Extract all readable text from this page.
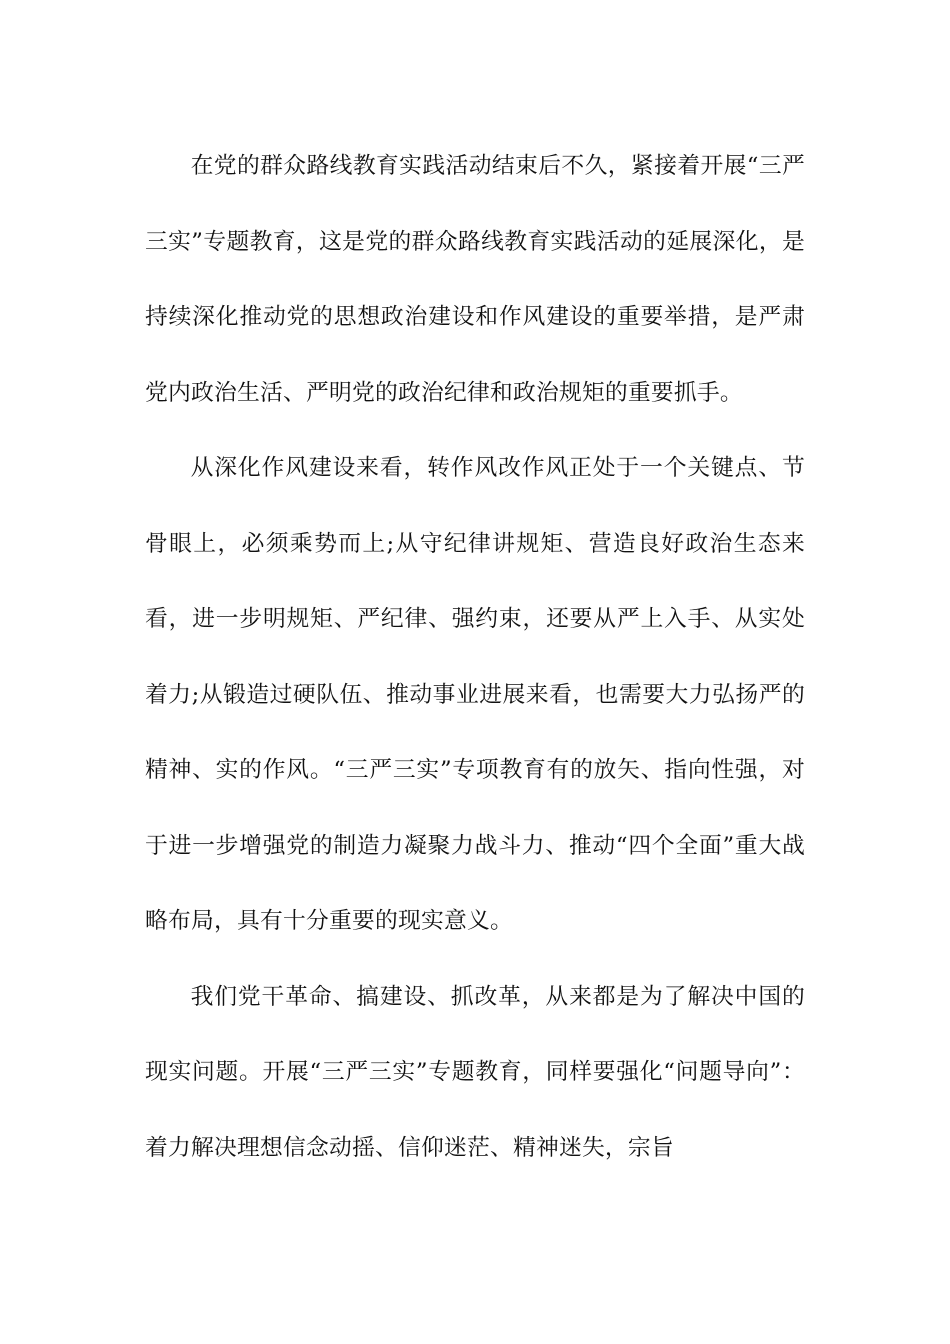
在党的群众路线教育实践活动结束后不久，紧接着开展“三严三实”专题教育，这是党的群众路线教育实践活动的延展深化，是持续深化推动党的思想政治建设和作风建设的重要举措，是严肃党内政治生活、严明党的政治纪律和政治规矩的重要抓手。

从深化作风建设来看，转作风改作风正处于一个关键点、节骨眼上，必须乘势而上;从守纪律讲规矩、营造良好政治生态来看，进一步明规矩、严纪律、强约束，还要从严上入手、从实处着力;从锻造过硬队伍、推动事业进展来看，也需要大力弘扬严的精神、实的作风。“三严三实”专项教育有的放矢、指向性强，对于进一步增强党的制造力凝聚力战斗力、推动“四个全面”重大战略布局，具有十分重要的现实意义。

我们党干革命、搞建设、抓改革，从来都是为了解决中国的现实问题。开展“三严三实”专题教育，同样要强化“问题导向”：着力解决理想信念动摇、信仰迷茫、精神迷失，宗旨
